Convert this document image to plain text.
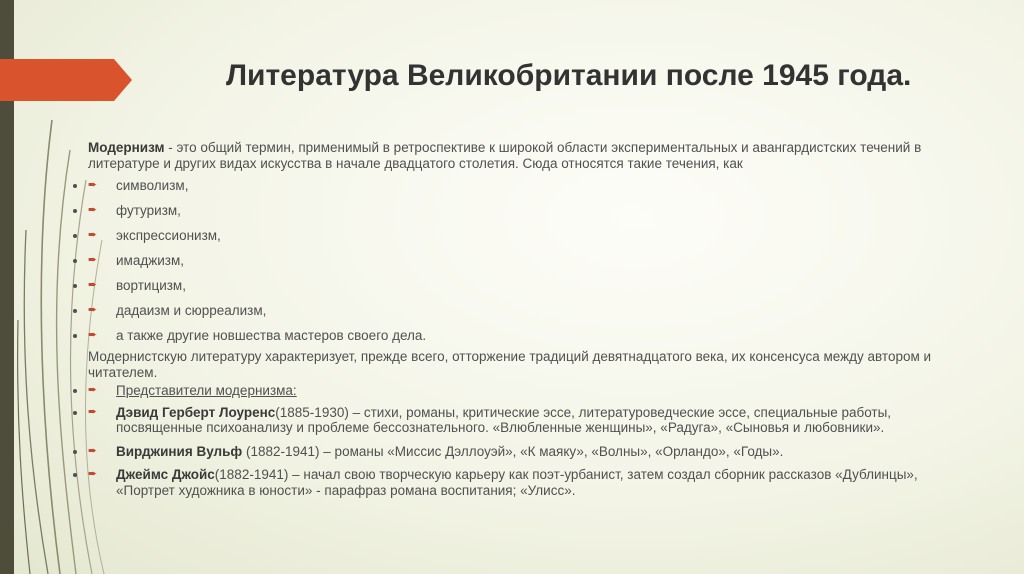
Литература Великобритании после 1945 года.

Модернизм - это общий термин, применимый в ретроспективе к широкой области экспериментальных и авангардистских течений в литературе и других видах искусства в начале двадцатого столетия. Сюда относятся такие течения, как

• ➨ символизм,
• ➨ футуризм,
• ➨ экспрессионизм,
• ➨ имаджизм,
• ➨ вортицизм,
• ➨ дадаизм и сюрреализм,
• ➨ а также другие новшества мастеров своего дела.

Модернистскую литературу характеризует, прежде всего, отторжение традиций девятнадцатого века, их консенсуса между автором и читателем.

• ➨ Представители модернизма:
• ➨ Дэвид Герберт Лоуренс(1885-1930) – стихи, романы, критические эссе, литературоведческие эссе, специальные работы, посвященные психоанализу и проблеме бессознательного. «Влюбленные женщины», «Радуга», «Сыновья и любовники».
• ➨ Вирджиния Вульф (1882-1941) – романы «Миссис Дэллоуэй», «К маяку», «Волны», «Орландо», «Годы».
• ➨ Джеймс Джойс(1882-1941) – начал свою творческую карьеру как поэт-урбанист, затем создал сборник рассказов «Дублинцы», «Портрет художника в юности» - парафраз романа воспитания; «Улисс».
